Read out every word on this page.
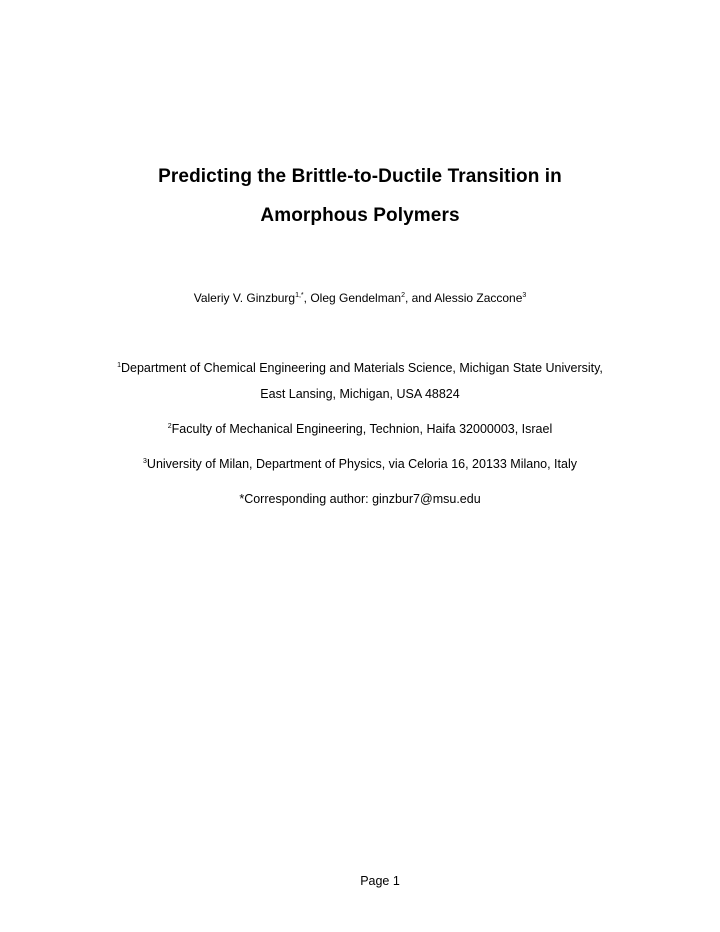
Predicting the Brittle-to-Ductile Transition in
Amorphous Polymers
Valeriy V. Ginzburg$^{1,*}$, Oleg Gendelman$^2$, and Alessio Zaccone$^3$
$^1$Department of Chemical Engineering and Materials Science, Michigan State University,
East Lansing, Michigan, USA 48824
$^2$Faculty of Mechanical Engineering, Technion, Haifa 32000003, Israel
$^3$University of Milan, Department of Physics, via Celoria 16, 20133 Milano, Italy
*Corresponding author: ginzbur7@msu.edu
Page 1
